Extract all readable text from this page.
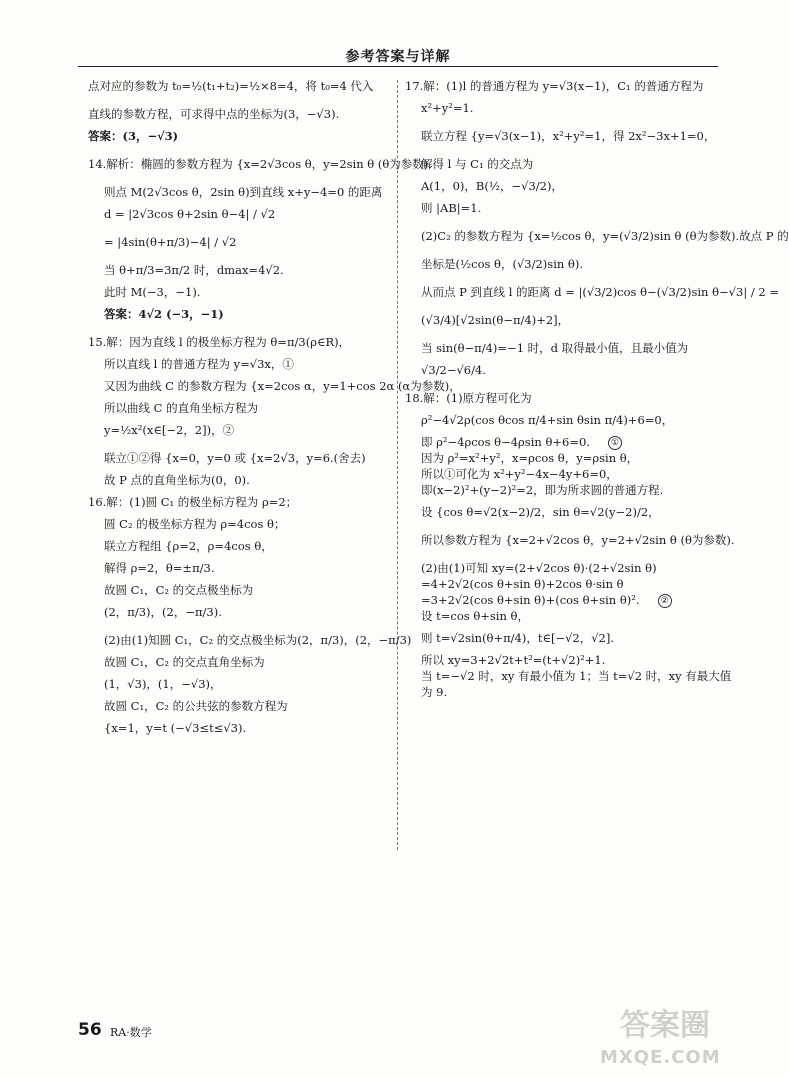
参考答案与详解
点对应的参数为 t₀=½(t₁+t₂)=½×8=4，将 t₀=4 代入
直线的参数方程，可求得中点的坐标为(3，−√3).
答案：(3，−√3)
14.解析：椭圆的参数方程为 {x=2√3cos θ，y=2sin θ (θ为参数).
则点 M(2√3cos θ，2sin θ)到直线 x+y−4=0 的距离
d = |2√3cos θ+2sin θ−4| / √2
= |4sin(θ+π/3)−4| / √2
当 θ+π/3=3π/2 时，dmax=4√2.
此时 M(−3，−1).
答案：4√2 (−3，−1)
15.解：因为直线 l 的极坐标方程为 θ=π/3(ρ∈R)，
所以直线 l 的普通方程为 y=√3x，①
又因为曲线 C 的参数方程为 {x=2cos α，y=1+cos 2α (α为参数)，
所以曲线 C 的直角坐标方程为
y=½x²(x∈[−2，2])，②
联立①②得 {x=0，y=0 或 {x=2√3，y=6.(舍去)
故 P 点的直角坐标为(0，0).
16.解：(1)圆 C₁ 的极坐标方程为 ρ=2；
圆 C₂ 的极坐标方程为 ρ=4cos θ；
联立方程组 {ρ=2，ρ=4cos θ，
解得 ρ=2，θ=±π/3.
故圆 C₁，C₂ 的交点极坐标为
(2，π/3)，(2，−π/3).
(2)由(1)知圆 C₁，C₂ 的交点极坐标为(2，π/3)，(2，−π/3)
故圆 C₁，C₂ 的交点直角坐标为
(1，√3)，(1，−√3)，
故圆 C₁，C₂ 的公共弦的参数方程为
{x=1，y=t (−√3≤t≤√3).
17.解：(1)l 的普通方程为 y=√3(x−1)，C₁ 的普通方程为
x²+y²=1.
联立方程 {y=√3(x−1)，x²+y²=1，得 2x²−3x+1=0，
解得 l 与 C₁ 的交点为
A(1，0)，B(½，−√3/2)，
则 |AB|=1.
(2)C₂ 的参数方程为 {x=½cos θ，y=(√3/2)sin θ (θ为参数).故点 P 的
坐标是(½cos θ，(√3/2)sin θ).
从而点 P 到直线 l 的距离 d = |(√3/2)cos θ−(√3/2)sin θ−√3| / 2 =
(√3/4)[√2sin(θ−π/4)+2]，
当 sin(θ−π/4)=−1 时，d 取得最小值，且最小值为
√3/2−√6/4.
18.解：(1)原方程可化为
ρ²−4√2ρ(cos θcos π/4+sin θsin π/4)+6=0，
即 ρ²−4ρcos θ−4ρsin θ+6=0. ①
因为 ρ²=x²+y²，x=ρcos θ，y=ρsin θ，
所以①可化为 x²+y²−4x−4y+6=0，
即(x−2)²+(y−2)²=2，即为所求圆的普通方程.
设 {cos θ=√2(x−2)/2，sin θ=√2(y−2)/2，
所以参数方程为 {x=2+√2cos θ，y=2+√2sin θ (θ为参数).
(2)由(1)可知 xy=(2+√2cos θ)·(2+√2sin θ)
=4+2√2(cos θ+sin θ)+2cos θ·sin θ
=3+2√2(cos θ+sin θ)+(cos θ+sin θ)². ②
设 t=cos θ+sin θ，
则 t=√2sin(θ+π/4)，t∈[−√2，√2].
所以 xy=3+2√2t+t²=(t+√2)²+1.
当 t=−√2 时，xy 有最小值为 1；当 t=√2 时，xy 有最大值
为 9.
56 RA·数学	答案圈
MXQE.COM
